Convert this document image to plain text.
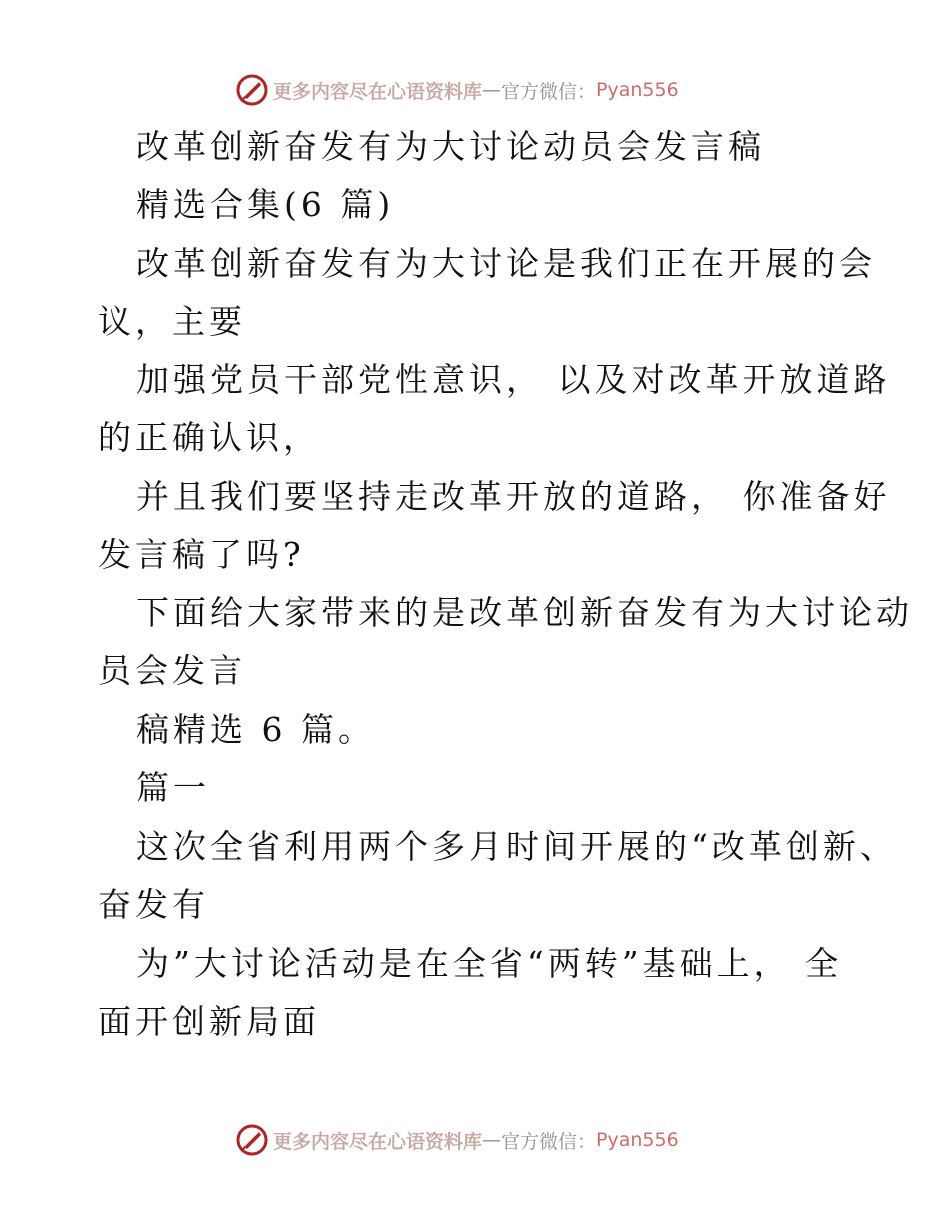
更多内容尽在心语资料库 — 官方微信： Pyan556
改革创新奋发有为大讨论动员会发言稿
精选合集(6 篇)
改革创新奋发有为大讨论是我们正在开展的会
议，主要
加强党员干部党性意识， 以及对改革开放道路
的正确认识，
并且我们要坚持走改革开放的道路， 你准备好
发言稿了吗?
下面给大家带来的是改革创新奋发有为大讨论动
员会发言
稿精选 6 篇。
篇一
这次全省利用两个多月时间开展的“改革创新、
奋发有
为”大讨论活动是在全省“两转”基础上， 全
面开创新局面
更多内容尽在心语资料库 — 官方微信： Pyan556
